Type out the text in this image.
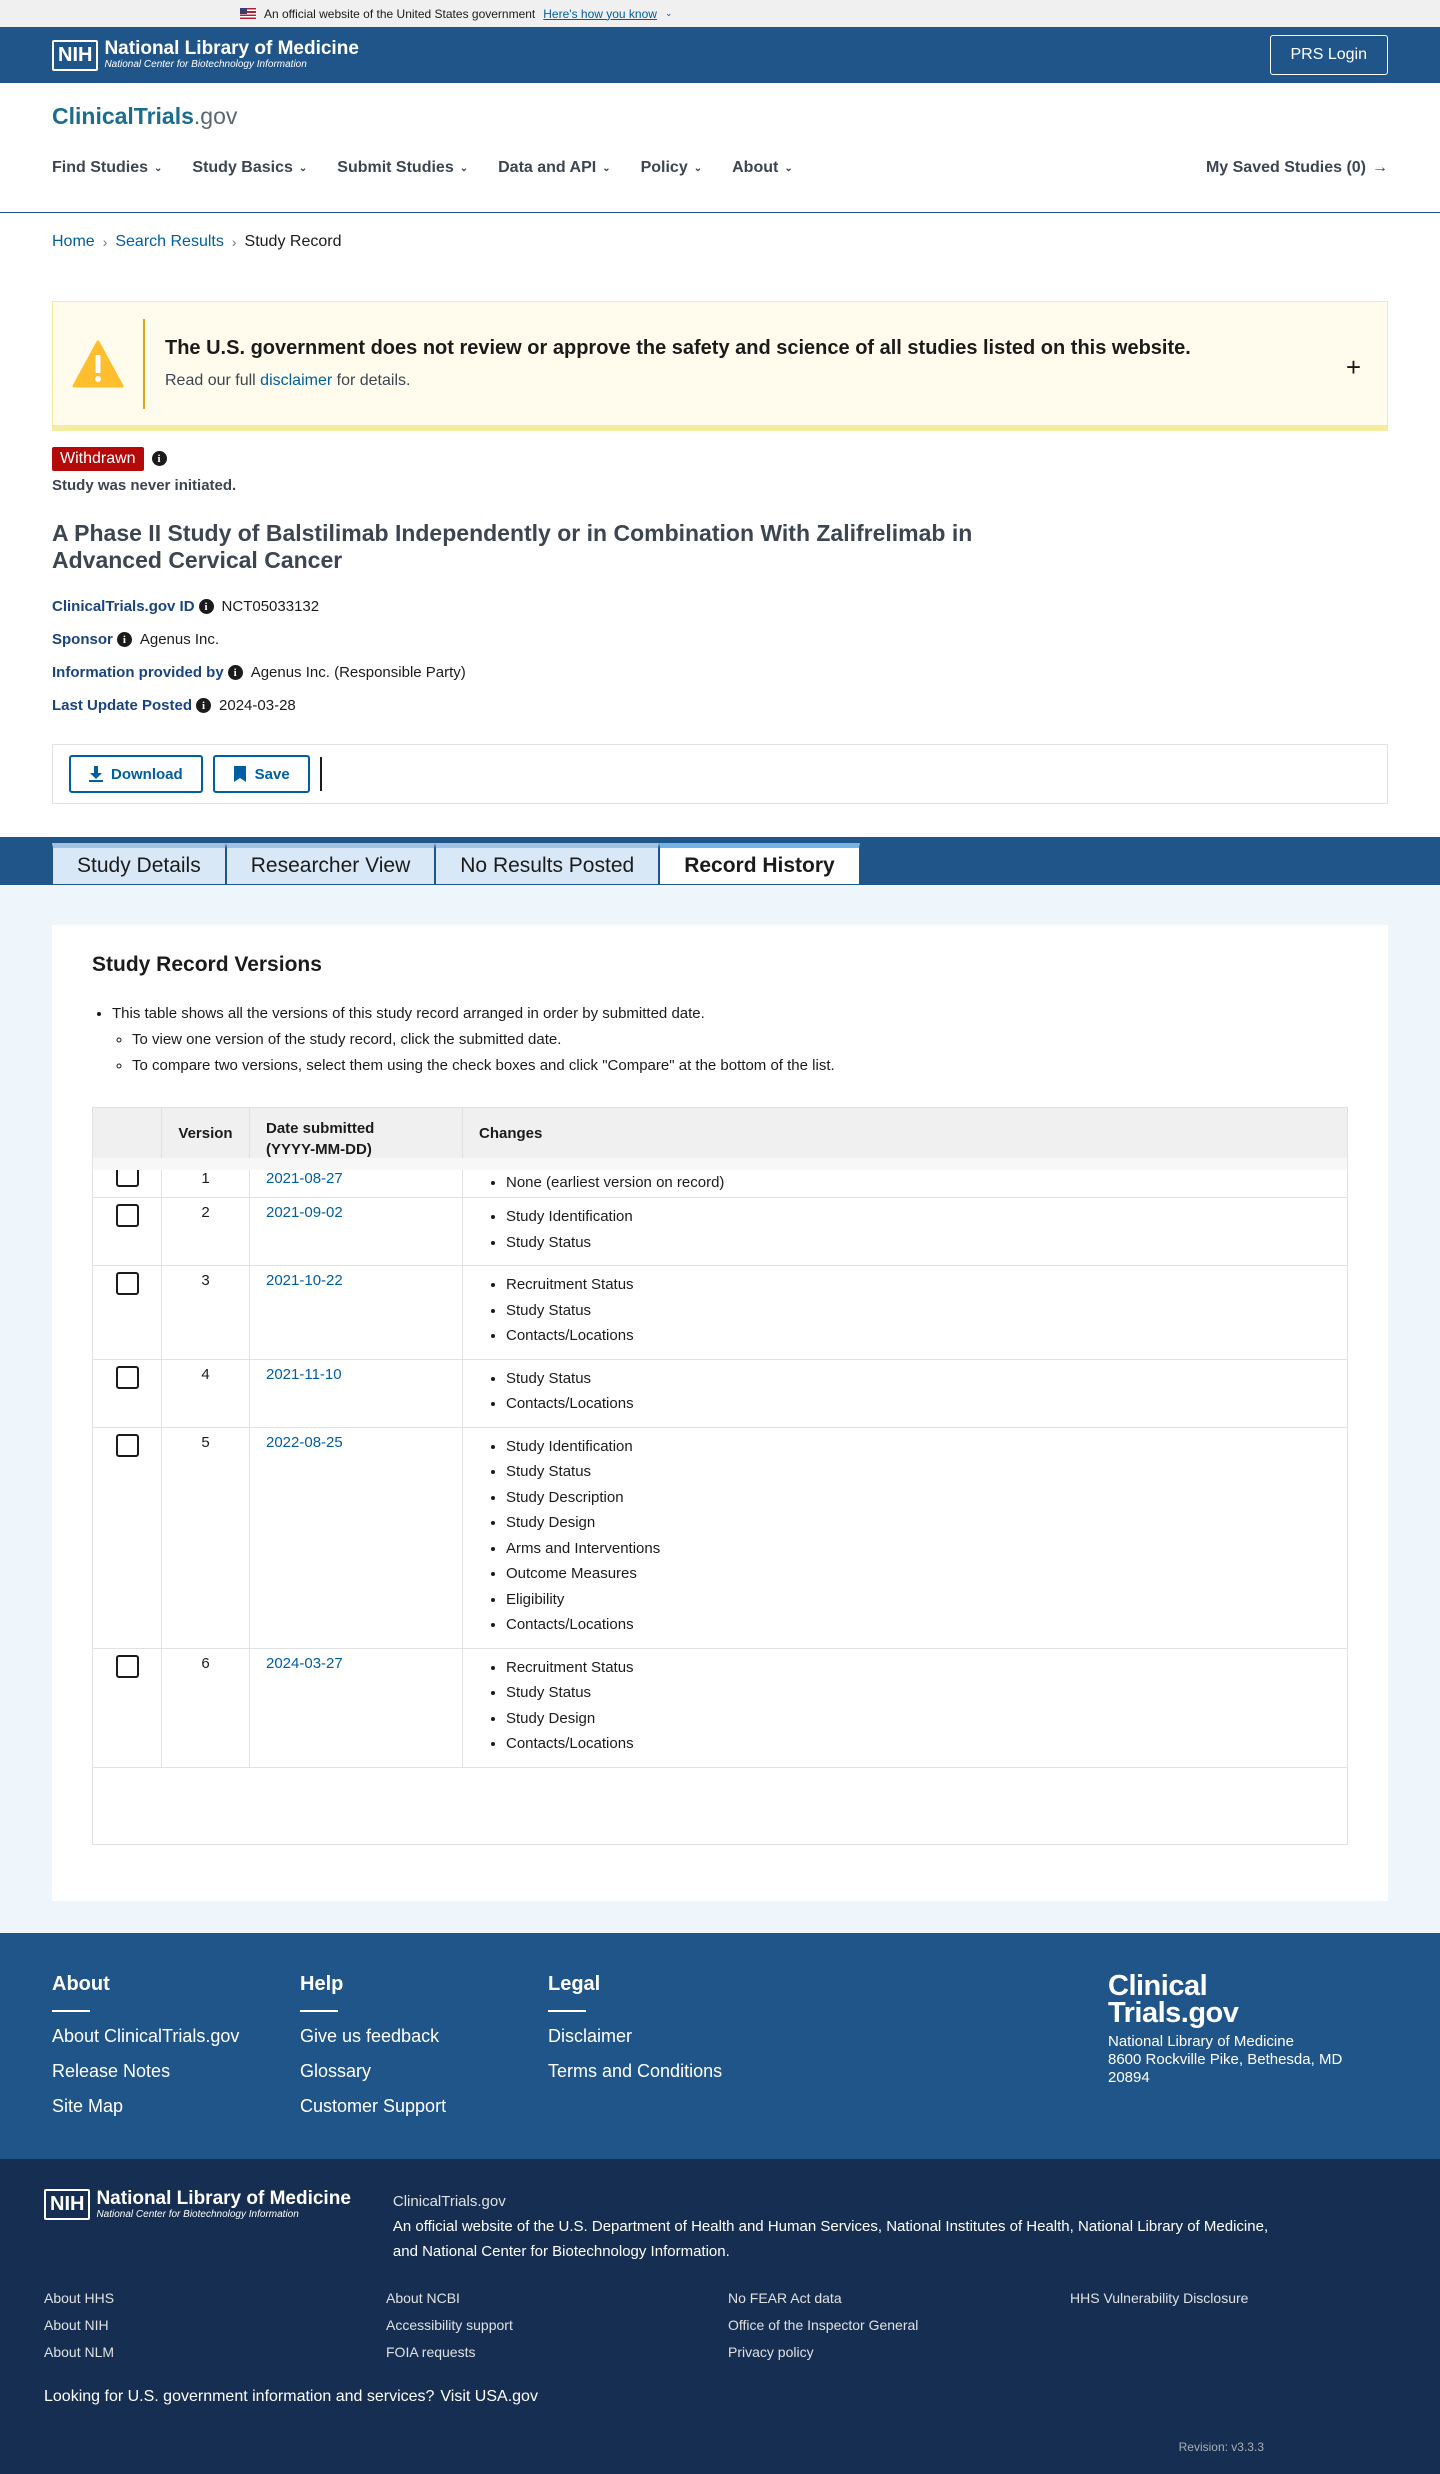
An official website of the United States government Here's how you know ⌄
NIH National Library of Medicine
National Center for Biotechnology Information
PRS Login
ClinicalTrials.gov
Find Studies ⌄ Study Basics ⌄ Submit Studies ⌄ Data and API ⌄ Policy ⌄ About ⌄	My Saved Studies (0) →
Home › Search Results › Study Record
The U.S. government does not review or approve the safety and science of all studies listed on this website.
Read our full disclaimer for details.	+
Withdrawn i
Study was never initiated.
A Phase II Study of Balstilimab Independently or in Combination With Zalifrelimab in Advanced Cervical Cancer
ClinicalTrials.gov ID i NCT05033132
Sponsor i Agenus Inc.
Information provided by i Agenus Inc. (Responsible Party)
Last Update Posted i 2024-03-28
Download	Save
Study Details	Researcher View	No Results Posted	Record History
Study Record Versions
• This table shows all the versions of this study record arranged in order by submitted date.
◦ To view one version of the study record, click the submitted date.
◦ To compare two versions, select them using the check boxes and click "Compare" at the bottom of the list.
Version	Date submitted
(YYYY-MM-DD)
Changes
1	2021-08-27	• None (earliest version on record)
2	2021-09-02	• Study Identification
• Study Status
3	2021-10-22	• Recruitment Status
• Study Status
• Contacts/Locations
4	2021-11-10	• Study Status
• Contacts/Locations
5	2022-08-25	• Study Identification
• Study Status
• Study Description
• Study Design
• Arms and Interventions
• Outcome Measures
• Eligibility
• Contacts/Locations
6	2024-03-27	• Recruitment Status
• Study Status
• Study Design
• Contacts/Locations
About
About ClinicalTrials.gov
Release Notes
Site Map
Help
Give us feedback
Glossary
Customer Support
Legal
Disclaimer
Terms and Conditions
Clinical
Trials.gov
National Library of Medicine
8600 Rockville Pike, Bethesda, MD
20894
NIH National Library of Medicine
National Center for Biotechnology Information
ClinicalTrials.gov
An official website of the U.S. Department of Health and Human Services, National Institutes of Health, National Library of Medicine,
and National Center for Biotechnology Information.
About HHS	About NCBI	No FEAR Act data	HHS Vulnerability Disclosure
About NIH	Accessibility support	Office of the Inspector General
About NLM	FOIA requests	Privacy policy
Looking for U.S. government information and services? Visit USA.gov
Revision: v3.3.3
